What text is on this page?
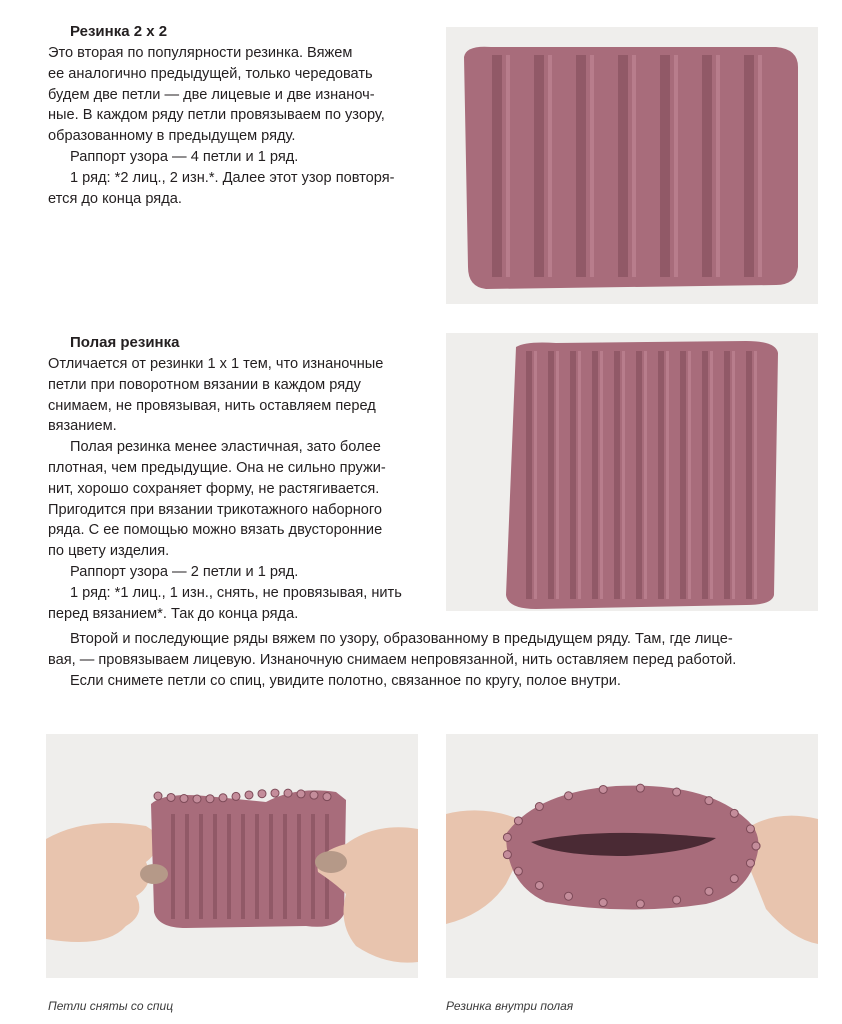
Резинка 2 х 2

Это вторая по популярности резинка. Вяжем

ее аналогично предыдущей, только чередовать

будем две петли — две лицевые и две изнаноч-

ные. В каждом ряду петли провязываем по узору,

образованному в предыдущем ряду.

Раппорт узора — 4 петли и 1 ряд.

1 ряд: *2 лиц., 2 изн.*. Далее этот узор повторя-

ется до конца ряда.

Полая резинка

Отличается от резинки 1 х 1 тем, что изнаночные

петли при поворотном вязании в каждом ряду

снимаем, не провязывая, нить оставляем перед

вязанием.

Полая резинка менее эластичная, зато более

плотная, чем предыдущие. Она не сильно пружи-

нит, хорошо сохраняет форму, не растягивается.

Пригодится при вязании трикотажного наборного

ряда. С ее помощью можно вязать двусторонние

по цвету изделия.

Раппорт узора — 2 петли и 1 ряд.

1 ряд: *1 лиц., 1 изн., снять, не провязывая, нить

перед вязанием*. Так до конца ряда.

Второй и последующие ряды вяжем по узору, образованному в предыдущем ряду. Там, где лице-

вая, — провязываем лицевую. Изнаночную снимаем непровязанной, нить оставляем перед работой.

Если снимете петли со спиц, увидите полотно, связанное по кругу, полое внутри.

Петли сняты со спиц	Резинка внутри полая
